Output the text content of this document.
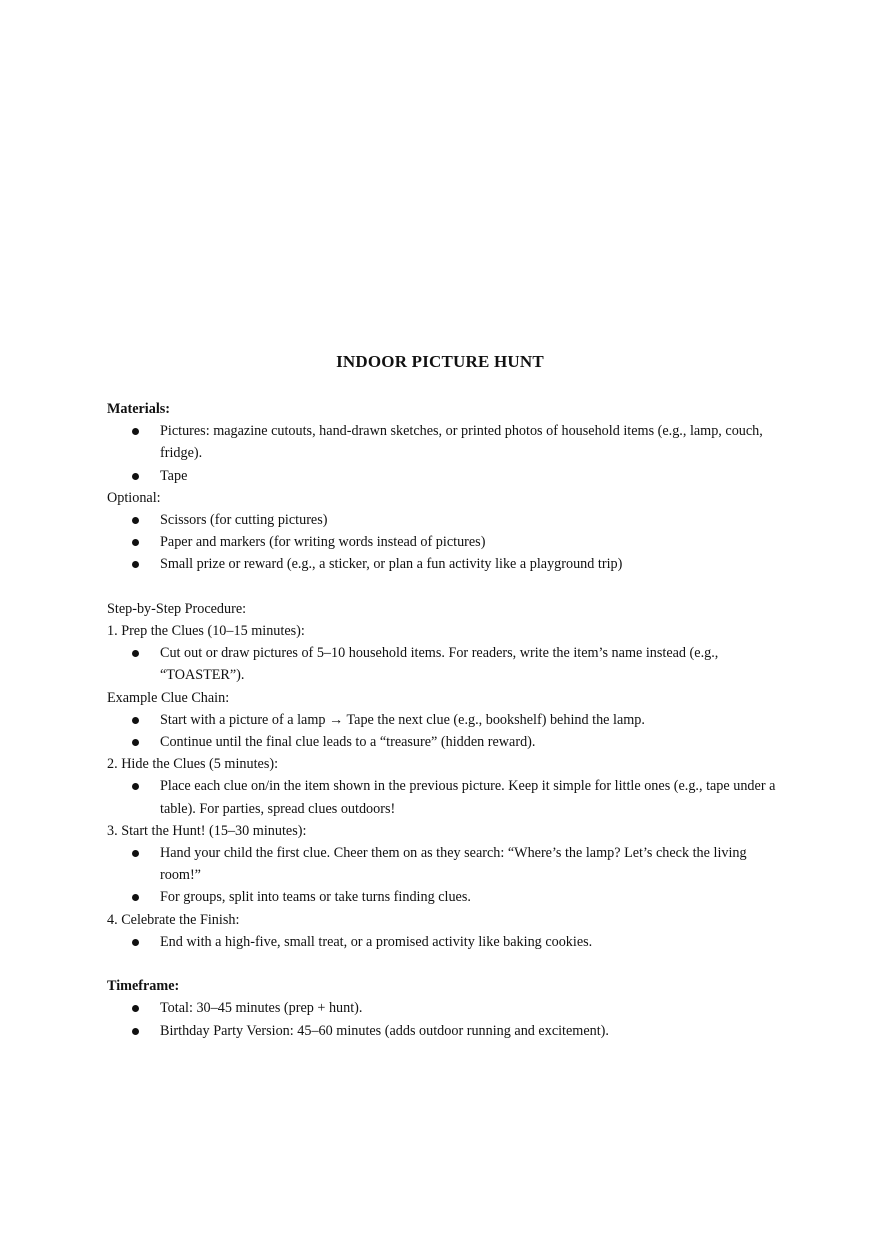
INDOOR PICTURE HUNT
Materials:
Pictures: magazine cutouts, hand-drawn sketches, or printed photos of household items (e.g., lamp, couch,
fridge).
Tape
Optional:
Scissors (for cutting pictures)
Paper and markers (for writing words instead of pictures)
Small prize or reward (e.g., a sticker, or plan a fun activity like a playground trip)
Step-by-Step Procedure:
1. Prep the Clues (10–15 minutes):
Cut out or draw pictures of 5–10 household items. For readers, write the item’s name instead (e.g.,
“TOASTER”).
Example Clue Chain:
Start with a picture of a lamp → Tape the next clue (e.g., bookshelf) behind the lamp.
Continue until the final clue leads to a “treasure” (hidden reward).
2. Hide the Clues (5 minutes):
Place each clue on/in the item shown in the previous picture. Keep it simple for little ones (e.g., tape under a
table). For parties, spread clues outdoors!
3. Start the Hunt! (15–30 minutes):
Hand your child the first clue. Cheer them on as they search: “Where’s the lamp? Let’s check the living
room!”
For groups, split into teams or take turns finding clues.
4. Celebrate the Finish:
End with a high-five, small treat, or a promised activity like baking cookies.
Timeframe:
Total: 30–45 minutes (prep + hunt).
Birthday Party Version: 45–60 minutes (adds outdoor running and excitement).
